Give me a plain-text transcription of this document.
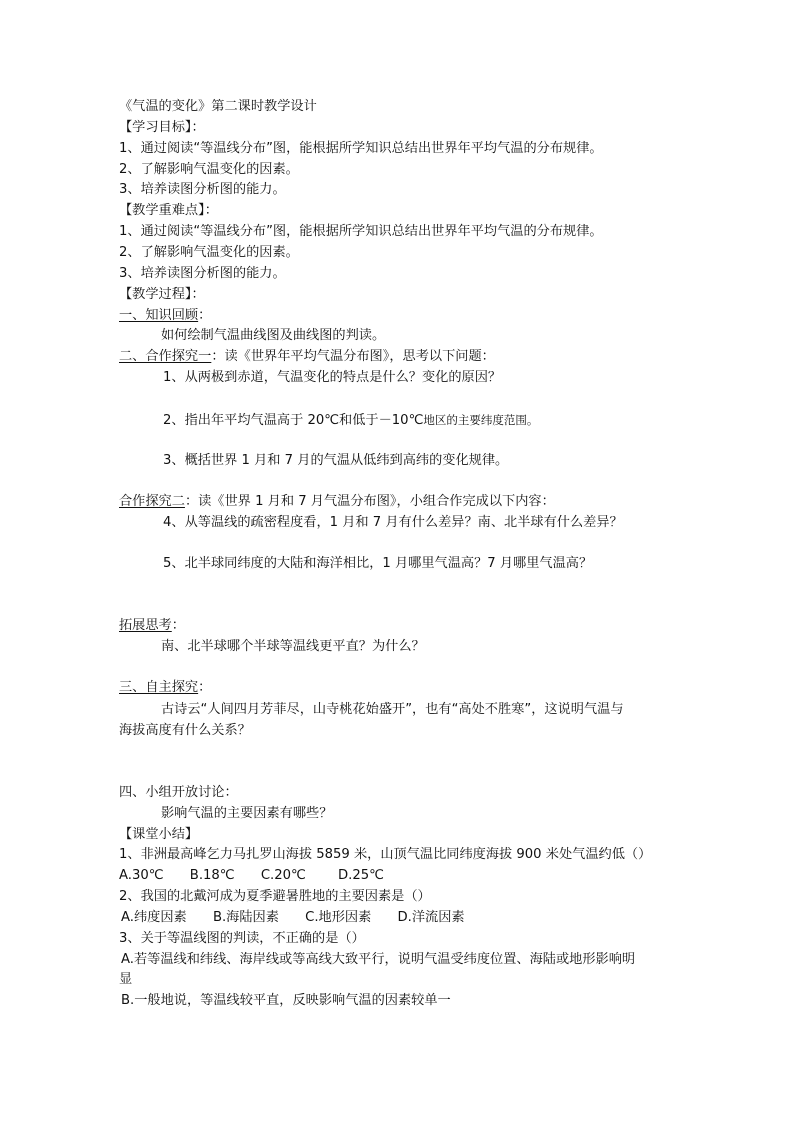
《气温的变化》第二课时教学设计
【学习目标】：
1、通过阅读“等温线分布”图，能根据所学知识总结出世界年平均气温的分布规律。
2、了解影响气温变化的因素。
3、培养读图分析图的能力。
【教学重难点】：
1、通过阅读“等温线分布”图，能根据所学知识总结出世界年平均气温的分布规律。
2、了解影响气温变化的因素。
3、培养读图分析图的能力。
【教学过程】：
一、知识回顾：
如何绘制气温曲线图及曲线图的判读。
二、合作探究一：读《世界年平均气温分布图》，思考以下问题：
1、从两极到赤道，气温变化的特点是什么？变化的原因？
2、指出年平均气温高于 20℃和低于－10℃地区的主要纬度范围。
3、概括世界 1 月和 7 月的气温从低纬到高纬的变化规律。
合作探究二：读《世界 1 月和 7 月气温分布图》，小组合作完成以下内容：
4、从等温线的疏密程度看，1 月和 7 月有什么差异？南、北半球有什么差异？
5、北半球同纬度的大陆和海洋相比，1 月哪里气温高？7 月哪里气温高？
拓展思考：
南、北半球哪个半球等温线更平直？为什么？
三、自主探究：
古诗云“人间四月芳菲尽，山寺桃花始盛开”，也有“高处不胜寒”，这说明气温与
海拔高度有什么关系？
四、小组开放讨论：
影响气温的主要因素有哪些？
【课堂小结】
1、非洲最高峰乞力马扎罗山海拔 5859 米，山顶气温比同纬度海拔 900 米处气温约低（）
A.30℃ B.18℃ C.20℃ D.25℃
2、我国的北戴河成为夏季避暑胜地的主要因素是（）
A.纬度因素 B.海陆因素 C.地形因素 D.洋流因素
3、关于等温线图的判读，不正确的是（）
A.若等温线和纬线、海岸线或等高线大致平行，说明气温受纬度位置、海陆或地形影响明
显
B.一般地说，等温线较平直，反映影响气温的因素较单一
